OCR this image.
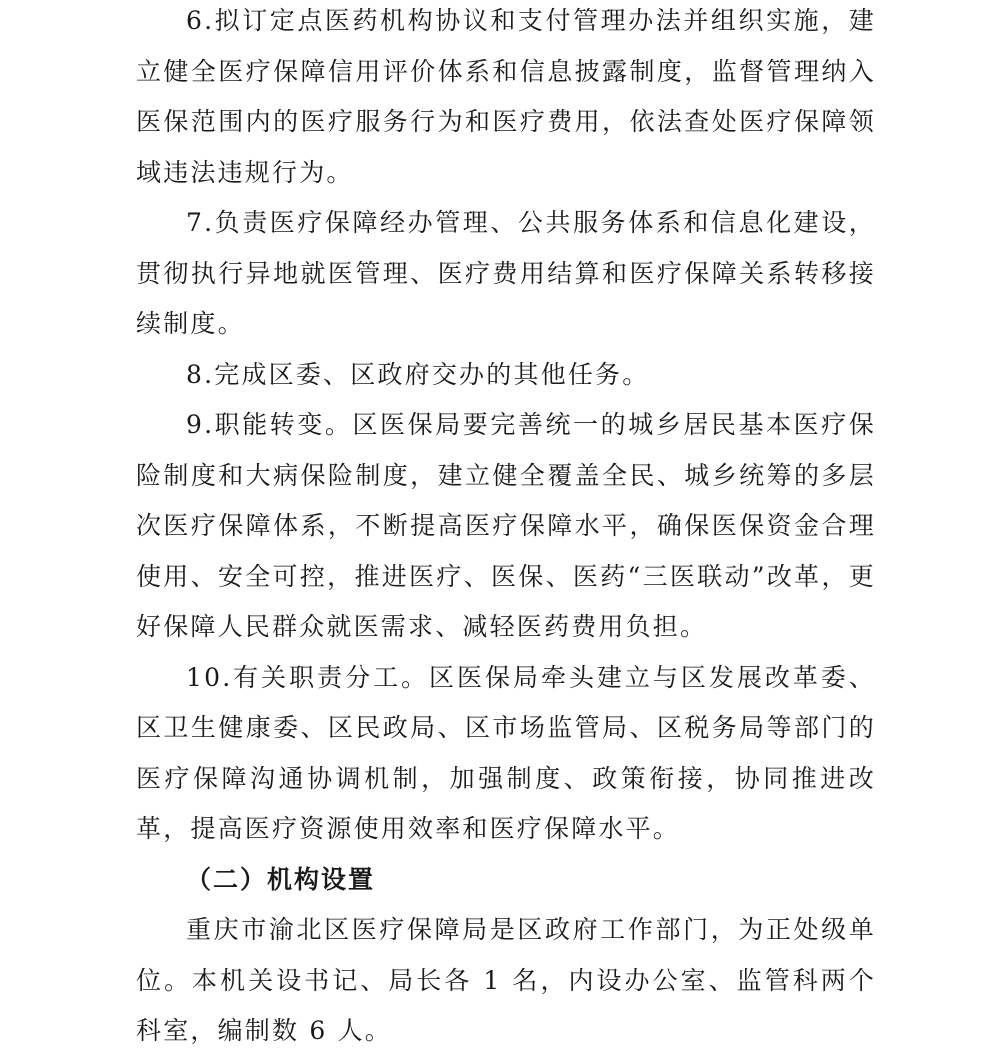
6.拟订定点医药机构协议和支付管理办法并组织实施，建立健全医疗保障信用评价体系和信息披露制度，监督管理纳入医保范围内的医疗服务行为和医疗费用，依法查处医疗保障领域违法违规行为。

7.负责医疗保障经办管理、公共服务体系和信息化建设，贯彻执行异地就医管理、医疗费用结算和医疗保障关系转移接续制度。

8.完成区委、区政府交办的其他任务。

9.职能转变。区医保局要完善统一的城乡居民基本医疗保险制度和大病保险制度，建立健全覆盖全民、城乡统筹的多层次医疗保障体系，不断提高医疗保障水平，确保医保资金合理使用、安全可控，推进医疗、医保、医药“三医联动”改革，更好保障人民群众就医需求、减轻医药费用负担。

10.有关职责分工。区医保局牵头建立与区发展改革委、区卫生健康委、区民政局、区市场监管局、区税务局等部门的医疗保障沟通协调机制，加强制度、政策衔接，协同推进改革，提高医疗资源使用效率和医疗保障水平。

（二）机构设置

重庆市渝北区医疗保障局是区政府工作部门，为正处级单位。本机关设书记、局长各 1 名，内设办公室、监管科两个科室，编制数 6 人。
